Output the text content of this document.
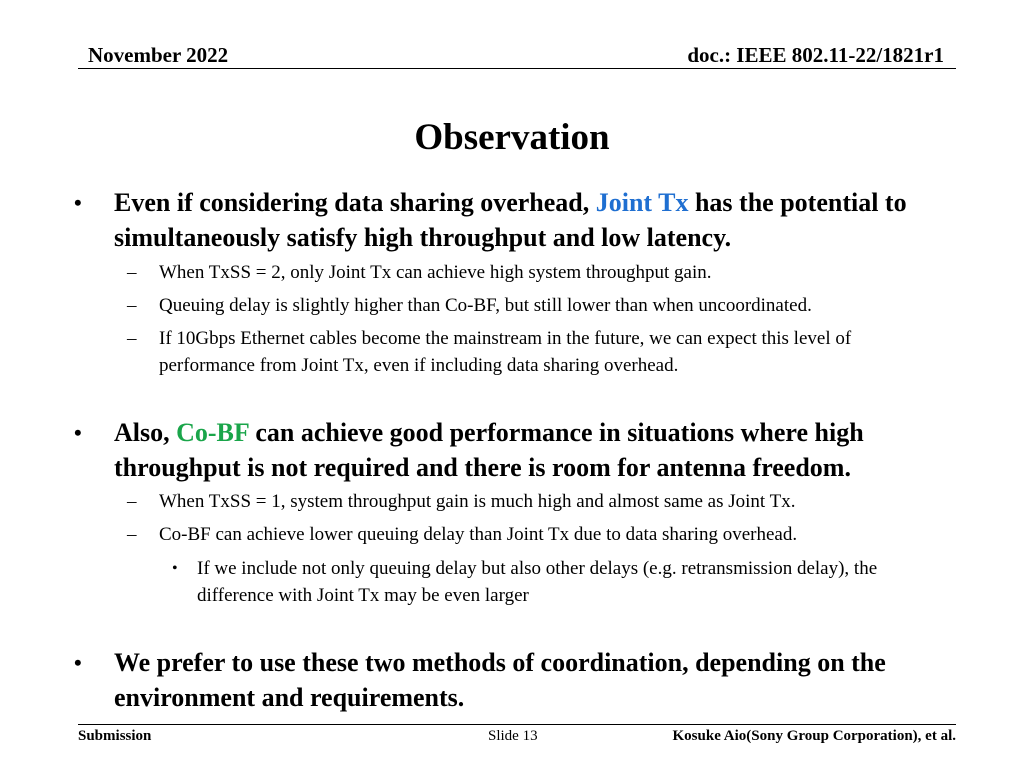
November 2022	doc.: IEEE 802.11-22/1821r1
Observation
• Even if considering data sharing overhead, Joint Tx has the potential to simultaneously satisfy high throughput and low latency.
– When TxSS = 2, only Joint Tx can achieve high system throughput gain.
– Queuing delay is slightly higher than Co-BF, but still lower than when uncoordinated.
– If 10Gbps Ethernet cables become the mainstream in the future, we can expect this level of performance from Joint Tx, even if including data sharing overhead.
• Also, Co-BF can achieve good performance in situations where high throughput is not required and there is room for antenna freedom.
– When TxSS = 1, system throughput gain is much high and almost same as Joint Tx.
– Co-BF can achieve lower queuing delay than Joint Tx due to data sharing overhead.
• If we include not only queuing delay but also other delays (e.g. retransmission delay), the difference with Joint Tx may be even larger
• We prefer to use these two methods of coordination, depending on the environment and requirements.
Submission	Slide 13	Kosuke Aio(Sony Group Corporation), et al.
